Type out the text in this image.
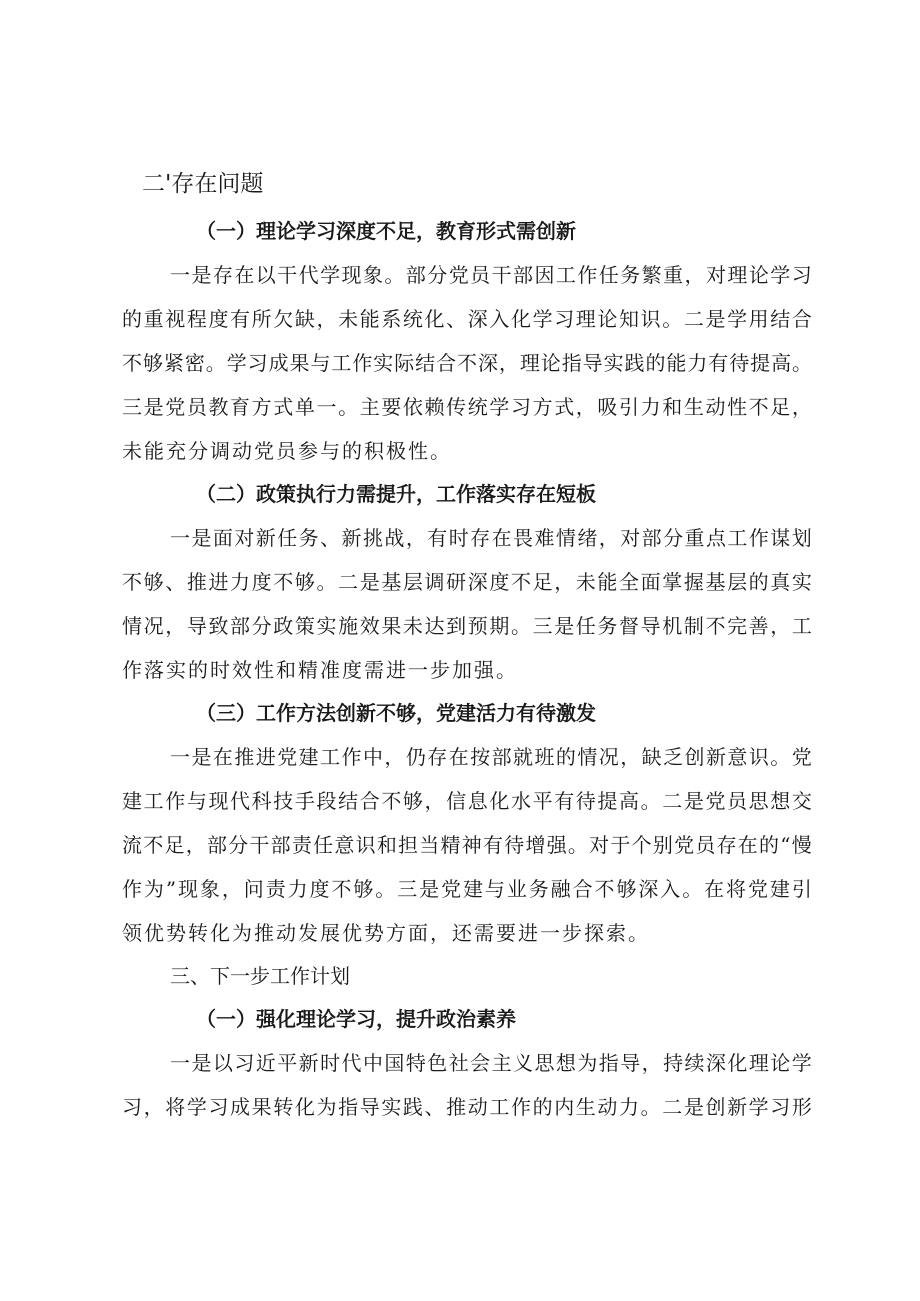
二'存在问题
（一）理论学习深度不足，教育形式需创新
一 是 存 在 以 干 代 学 现 象 。 部 分 党 员 干 部 因 工 作 任 务 繁 重 ， 对 理 论 学 习
的 重 视 程 度 有 所 欠 缺 ， 未 能 系 统 化 、 深 入 化 学 习 理 论 知 识 。 二 是 学 用 结 合
不 够 紧 密 。 学 习 成 果 与 工 作 实 际 结 合 不 深 ， 理 论 指 导 实 践 的 能 力 有 待 提 高 。
三 是 党 员 教 育 方 式 单 一 。 主 要 依 赖 传 统 学 习 方 式 ， 吸 引 力 和 生 动 性 不 足 ，
未能充分调动党员参与的积极性。
（二）政策执行力需提升，工作落实存在短板
一 是 面 对 新 任 务 、 新 挑 战 ， 有 时 存 在 畏 难 情 绪 ， 对 部 分 重 点 工 作 谋 划
不 够 、 推 进 力 度 不 够 。 二 是 基 层 调 研 深 度 不 足 ， 未 能 全 面 掌 握 基 层 的 真 实
情 况 ， 导 致 部 分 政 策 实 施 效 果 未 达 到 预 期 。 三 是 任 务 督 导 机 制 不 完 善 ， 工
作落实的时效性和精准度需进一步加强。
（三）工作方法创新不够，党建活力有待激发
一 是 在 推 进 党 建 工 作 中 ， 仍 存 在 按 部 就 班 的 情 况 ， 缺 乏 创 新 意 识 。 党
建 工 作 与 现 代 科 技 手 段 结 合 不 够 ， 信 息 化 水 平 有 待 提 高 。 二 是 党 员 思 想 交
流 不 足 ， 部 分 干 部 责 任 意 识 和 担 当 精 神 有 待 增 强 。 对 于 个 别 党 员 存 在 的 “ 慢
作 为 ” 现 象 ， 问 责 力 度 不 够 。 三 是 党 建 与 业 务 融 合 不 够 深 入 。 在 将 党 建 引
领优势转化为推动发展优势方面，还需要进一步探索。
三、下一步工作计划
（一）强化理论学习，提升政治素养
一 是 以 习 近 平 新 时 代 中 国 特 色 社 会 主 义 思 想 为 指 导 ， 持 续 深 化 理 论 学
习 ， 将 学 习 成 果 转 化 为 指 导 实 践 、 推 动 工 作 的 内 生 动 力 。 二 是 创 新 学 习 形
